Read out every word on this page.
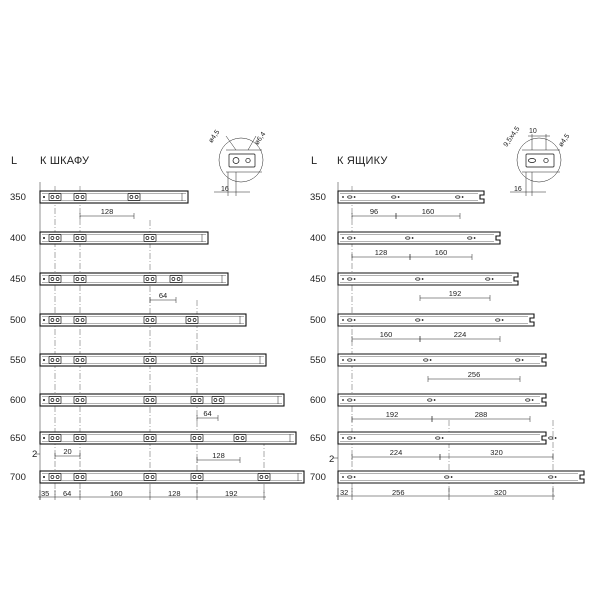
L К ШКАФУ
ø4,5	ø6,4
16
350
400
450
500
550
600
650
700
128
64
64
20	128
2
35 64	160	128	192
L К ЯЩИКУ
10
9,5x4,5	ø4,5
16
350
400
450
500
550
600
650
700
96	160
128	160
192
160	224
256
192	288
224	320
2
32	256	320
